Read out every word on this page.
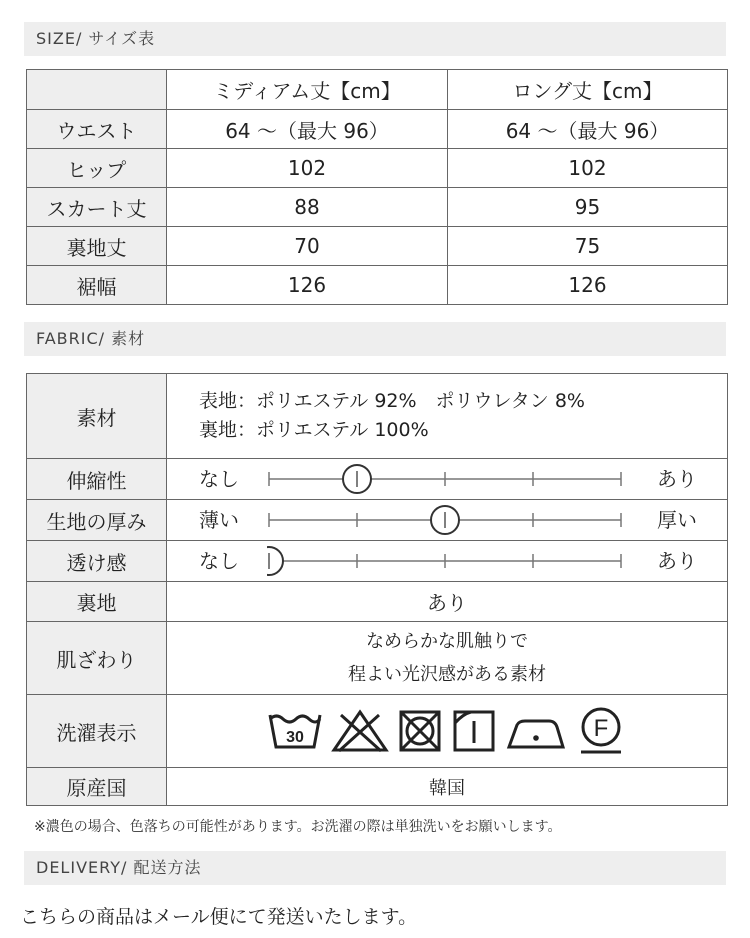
SIZE/ サイズ表
	ミディアム丈【cm】	ロング丈【cm】
ウエスト	64 〜（最大 96）	64 〜（最大 96）
ヒップ	102	102
スカート丈	88	95
裏地丈	70	75
裾幅	126	126
FABRIC/ 素材
素材	表地：ポリエステル 92%　ポリウレタン 8%
裏地：ポリエステル 100%

伸縮性	なし あり

生地の厚み	薄い 厚い

透け感	なし あり

裏地	あり
肌ざわり	なめらかな肌触りで
程よい光沢感がある素材

洗濯表示	30 F

原産国	韓国
※濃色の場合、色落ちの可能性があります。お洗濯の際は単独洗いをお願いします。
DELIVERY/ 配送方法
こちらの商品はメール便にて発送いたします。
